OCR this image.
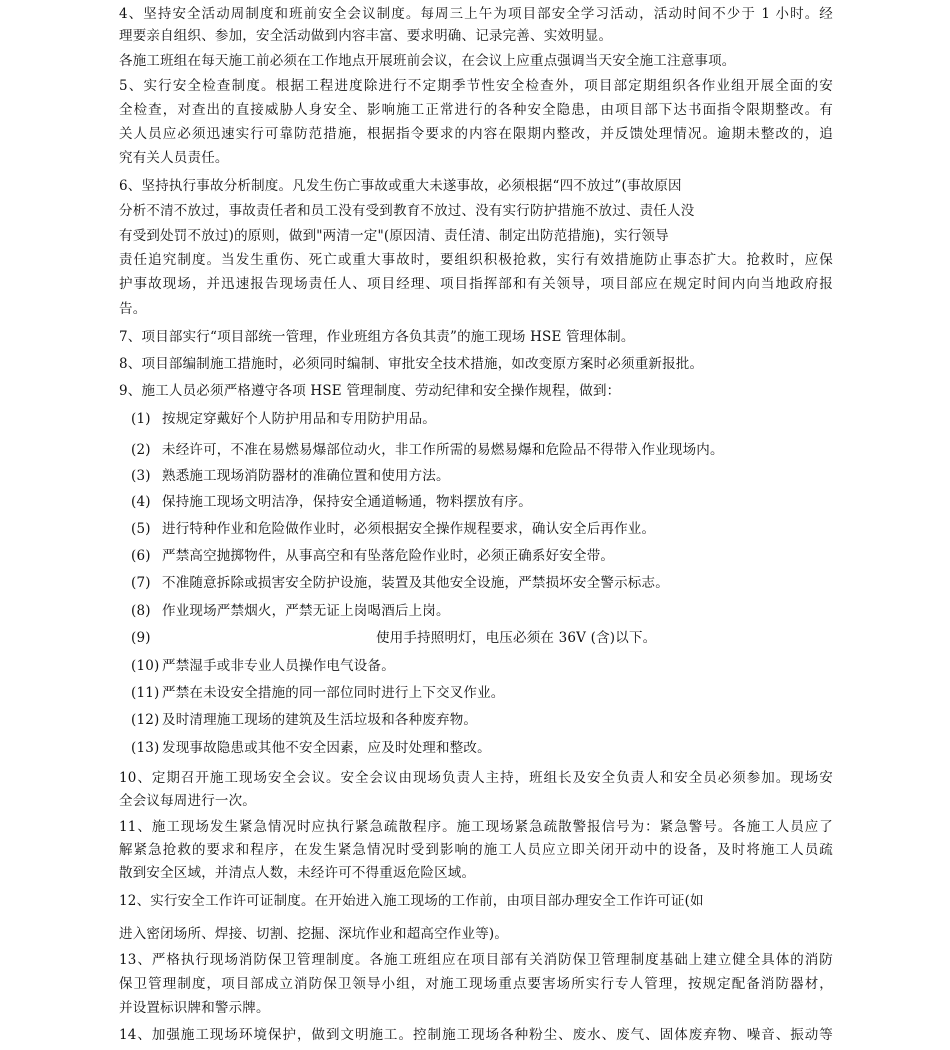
4、坚持安全活动周制度和班前安全会议制度。每周三上午为项目部安全学习活动，活动时间不少于 1 小时。经
理要亲自组织、参加，安全活动做到内容丰富、要求明确、记录完善、实效明显。
各施工班组在每天施工前必须在工作地点开展班前会议，在会议上应重点强调当天安全施工注意事项。
5、实行安全检查制度。根据工程进度除进行不定期季节性安全检查外，项目部定期组织各作业组开展全面的安
全检查，对查出的直接威胁人身安全、影响施工正常进行的各种安全隐患，由项目部下达书面指令限期整改。有
关人员应必须迅速实行可靠防范措施，根据指令要求的内容在限期内整改，并反馈处理情况。逾期未整改的，追
究有关人员责任。
6、坚持执行事故分析制度。凡发生伤亡事故或重大未遂事故，必须根据“四不放过”(事故原因
分析不清不放过，事故责任者和员工没有受到教育不放过、没有实行防护措施不放过、责任人没
有受到处罚不放过)的原则，做到"两清一定"(原因清、责任清、制定出防范措施)，实行领导
责任追究制度。当发生重伤、死亡或重大事故时，要组织积极抢救，实行有效措施防止事态扩大。抢救时，应保
护事故现场，并迅速报告现场责任人、项目经理、项目指挥部和有关领导，项目部应在规定时间内向当地政府报
告。
7、项目部实行“项目部统一管理，作业班组方各负其责”的施工现场 HSE 管理体制。
8、项目部编制施工措施时，必须同时编制、审批安全技术措施，如改变原方案时必须重新报批。
9、施工人员必须严格遵守各项 HSE 管理制度、劳动纪律和安全操作规程，做到：
(1) 按规定穿戴好个人防护用品和专用防护用品。
(2) 未经许可，不准在易燃易爆部位动火，非工作所需的易燃易爆和危险品不得带入作业现场内。
(3) 熟悉施工现场消防器材的准确位置和使用方法。
(4) 保持施工现场文明洁净，保持安全通道畅通，物料摆放有序。
(5) 进行特种作业和危险做作业时，必须根据安全操作规程要求，确认安全后再作业。
(6) 严禁高空抛掷物件，从事高空和有坠落危险作业时，必须正确系好安全带。
(7) 不准随意拆除或损害安全防护设施，装置及其他安全设施，严禁损坏安全警示标志。
(8) 作业现场严禁烟火，严禁无证上岗喝酒后上岗。
(9)	使用手持照明灯，电压必须在 36V (含)以下。
(10) 严禁湿手或非专业人员操作电气设备。
(11) 严禁在未设安全措施的同一部位同时进行上下交叉作业。
(12) 及时清理施工现场的建筑及生活垃圾和各种废弃物。
(13) 发现事故隐患或其他不安全因素，应及时处理和整改。
10、定期召开施工现场安全会议。安全会议由现场负责人主持，班组长及安全负责人和安全员必须参加。现场安
全会议每周进行一次。
11、施工现场发生紧急情况时应执行紧急疏散程序。施工现场紧急疏散警报信号为：紧急警号。各施工人员应了
解紧急抢救的要求和程序，在发生紧急情况时受到影响的施工人员应立即关闭开动中的设备，及时将施工人员疏
散到安全区域，并清点人数，未经许可不得重返危险区域。
12、实行安全工作许可证制度。在开始进入施工现场的工作前，由项目部办理安全工作许可证(如
进入密闭场所、焊接、切割、挖掘、深坑作业和超高空作业等)。
13、严格执行现场消防保卫管理制度。各施工班组应在项目部有关消防保卫管理制度基础上建立健全具体的消防
保卫管理制度，项目部成立消防保卫领导小组，对施工现场重点要害场所实行专人管理，按规定配备消防器材，
并设置标识牌和警示牌。
14、加强施工现场环境保护，做到文明施工。控制施工现场各种粉尘、废水、废气、固体废弃物、噪音、振动等
